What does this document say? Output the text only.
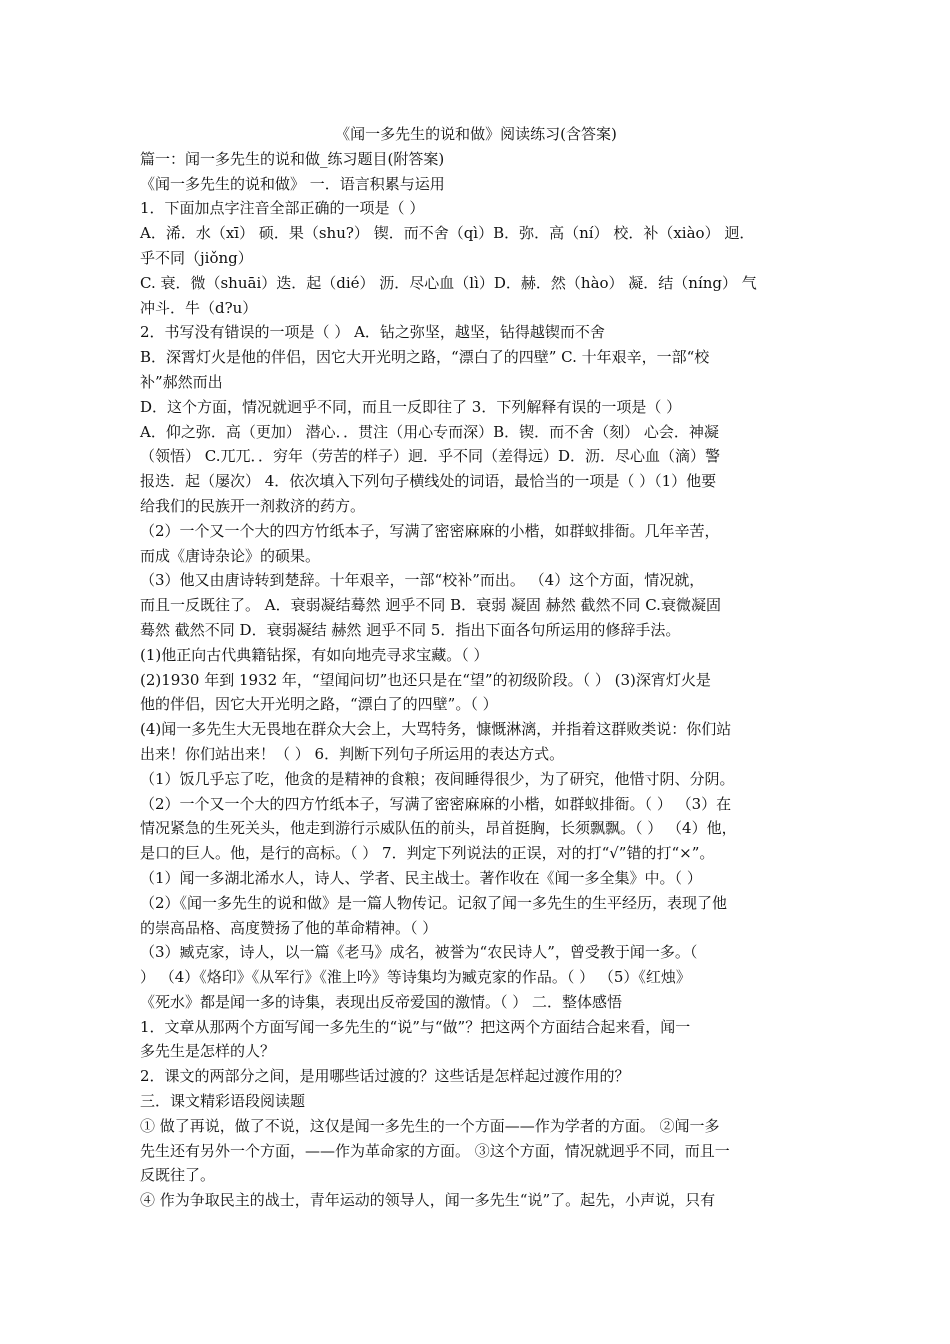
《闻一多先生的说和做》阅读练习(含答案)

篇一：闻一多先生的说和做_练习题目(附答案)

《闻一多先生的说和做》 一．语言积累与运用

1．下面加点字注音全部正确的一项是（ ）

A．浠．水（xī） 硕．果（shu?） 锲．而不舍（qì）B．弥．高（ní） 校．补（xiào） 迥．

乎不同（jiǒng）

C. 衰．微（shuāi）迭．起（dié） 沥．尽心血（lì）D．赫．然（hào） 凝．结（níng） 气

冲斗．牛（d?u）

2．书写没有错误的一项是（ ） A．钻之弥坚，越坚，钻得越锲而不舍

B．深霄灯火是他的伴侣，因它大开光明之路，“漂白了的四壁” C. 十年艰辛，一部“校

补”郝然而出

D．这个方面，情况就迥乎不同，而且一反即往了 3．下列解释有误的一项是（ ）

A．仰之弥．高（更加） 潜心．．贯注（用心专而深）B．锲．而不舍（刻） 心会．神凝

（领悟） C.兀兀．．穷年（劳苦的样子）迥．乎不同（差得远）D．沥．尽心血（滴）警

报迭．起（屡次） 4．依次填入下列句子横线处的词语，最恰当的一项是（ ）（1）他要

给我们的民族开一剂救济的药方。

（2）一个又一个大的四方竹纸本子，写满了密密麻麻的小楷，如群蚁排衙。几年辛苦，

而成《唐诗杂论》的硕果。

（3）他又由唐诗转到楚辞。十年艰辛，一部“校补”而出。 （4）这个方面，情况就，

而且一反既往了。 A．衰弱凝结蓦然 迥乎不同 B．衰弱 凝固 赫然 截然不同 C.衰微凝固

蓦然 截然不同 D．衰弱凝结 赫然 迥乎不同 5．指出下面各句所运用的修辞手法。

(1)他正向古代典籍钻探，有如向地壳寻求宝藏。（ ）

(2)1930 年到 1932 年，“望闻问切”也还只是在“望”的初级阶段。（ ） (3)深宵灯火是

他的伴侣，因它大开光明之路，“漂白了的四壁”。（ ）

(4)闻一多先生大无畏地在群众大会上，大骂特务，慷慨淋漓，并指着这群败类说：你们站

出来！你们站出来！（ ） 6．判断下列句子所运用的表达方式。

（1）饭几乎忘了吃，他贪的是精神的食粮；夜间睡得很少，为了研究，他惜寸阴、分阴。

（2）一个又一个大的四方竹纸本子，写满了密密麻麻的小楷，如群蚁排衙。（ ） （3）在

情况紧急的生死关头，他走到游行示威队伍的前头，昂首挺胸，长须飘飘。（ ） （4）他，

是口的巨人。他，是行的高标。（ ） 7．判定下列说法的正误，对的打“√”错的打“×”。

（1）闻一多湖北浠水人，诗人、学者、民主战士。著作收在《闻一多全集》中。（ ）

（2）《闻一多先生的说和做》是一篇人物传记。记叙了闻一多先生的生平经历，表现了他

的崇高品格、高度赞扬了他的革命精神。（ ）

（3）臧克家，诗人，以一篇《老马》成名，被誉为“农民诗人”，曾受教于闻一多。（

） （4）《烙印》《从军行》《淮上吟》等诗集均为臧克家的作品。（ ） （5）《红烛》

《死水》都是闻一多的诗集，表现出反帝爱国的激情。（ ） 二．整体感悟

1．文章从那两个方面写闻一多先生的“说”与“做”？把这两个方面结合起来看，闻一

多先生是怎样的人？

2．课文的两部分之间，是用哪些话过渡的？这些话是怎样起过渡作用的？

三．课文精彩语段阅读题

① 做了再说，做了不说，这仅是闻一多先生的一个方面——作为学者的方面。 ②闻一多

先生还有另外一个方面，——作为革命家的方面。 ③这个方面，情况就迥乎不同，而且一

反既往了。

④ 作为争取民主的战士，青年运动的领导人，闻一多先生“说”了。起先，小声说，只有
